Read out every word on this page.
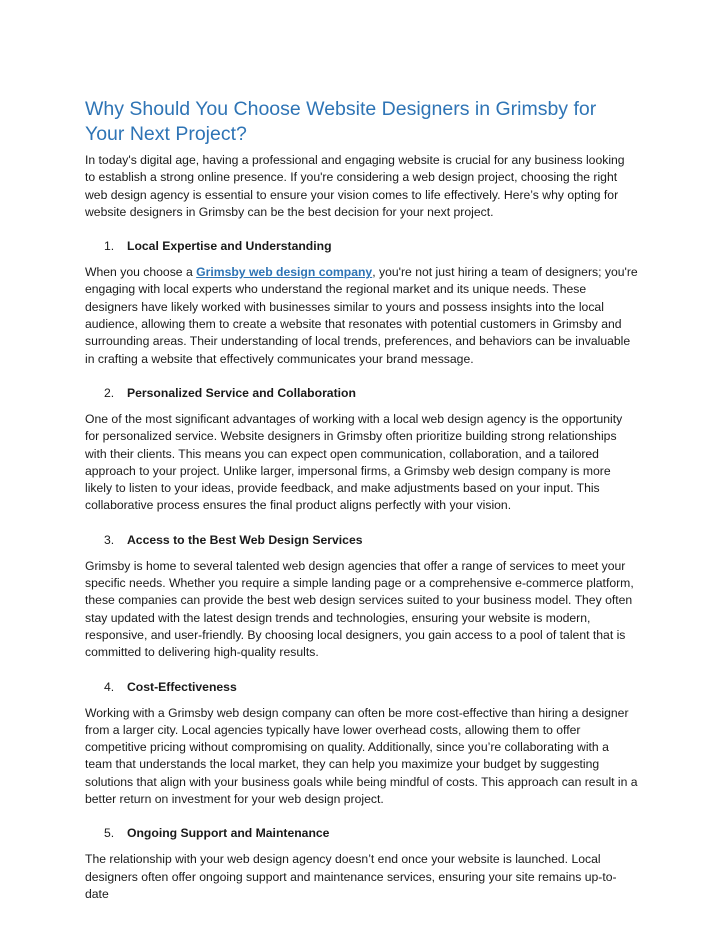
Why Should You Choose Website Designers in Grimsby for Your Next Project?

In today's digital age, having a professional and engaging website is crucial for any business looking to establish a strong online presence. If you're considering a web design project, choosing the right web design agency is essential to ensure your vision comes to life effectively. Here’s why opting for website designers in Grimsby can be the best decision for your next project.

1.	Local Expertise and Understanding

When you choose a Grimsby web design company, you're not just hiring a team of designers; you're engaging with local experts who understand the regional market and its unique needs. These designers have likely worked with businesses similar to yours and possess insights into the local audience, allowing them to create a website that resonates with potential customers in Grimsby and surrounding areas. Their understanding of local trends, preferences, and behaviors can be invaluable in crafting a website that effectively communicates your brand message.

2.	Personalized Service and Collaboration

One of the most significant advantages of working with a local web design agency is the opportunity for personalized service. Website designers in Grimsby often prioritize building strong relationships with their clients. This means you can expect open communication, collaboration, and a tailored approach to your project. Unlike larger, impersonal firms, a Grimsby web design company is more likely to listen to your ideas, provide feedback, and make adjustments based on your input. This collaborative process ensures the final product aligns perfectly with your vision.

3.	Access to the Best Web Design Services

Grimsby is home to several talented web design agencies that offer a range of services to meet your specific needs. Whether you require a simple landing page or a comprehensive e-commerce platform, these companies can provide the best web design services suited to your business model. They often stay updated with the latest design trends and technologies, ensuring your website is modern, responsive, and user-friendly. By choosing local designers, you gain access to a pool of talent that is committed to delivering high-quality results.

4.	Cost-Effectiveness

Working with a Grimsby web design company can often be more cost-effective than hiring a designer from a larger city. Local agencies typically have lower overhead costs, allowing them to offer competitive pricing without compromising on quality. Additionally, since you’re collaborating with a team that understands the local market, they can help you maximize your budget by suggesting solutions that align with your business goals while being mindful of costs. This approach can result in a better return on investment for your web design project.

5.	Ongoing Support and Maintenance

The relationship with your web design agency doesn’t end once your website is launched. Local designers often offer ongoing support and maintenance services, ensuring your site remains up-to-date
